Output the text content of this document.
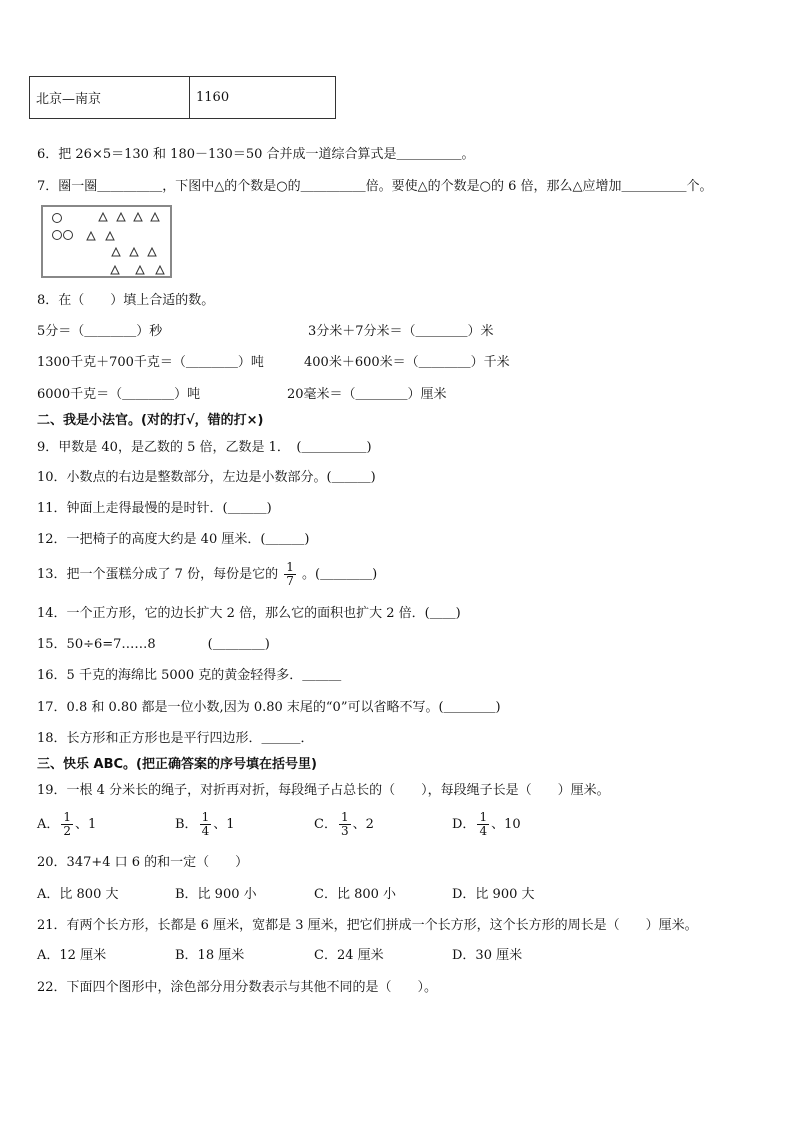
北京—南京	1160
6．把 26×5＝130 和 180－130＝50 合并成一道综合算式是＿＿＿＿＿。
7．圈一圈＿＿＿＿＿，下图中△的个数是○的＿＿＿＿＿倍。要使△的个数是○的 6 倍，那么△应增加＿＿＿＿＿个。
8．在（　　）填上合适的数。
5分＝（＿＿＿＿）秒	3分米＋7分米＝（＿＿＿＿）米
1300千克＋700千克＝（＿＿＿＿）吨	400米＋600米＝（＿＿＿＿）千米
6000千克＝（＿＿＿＿）吨	20毫米＝（＿＿＿＿）厘米
二、我是小法官。(对的打√，错的打×)
9．甲数是 40，是乙数的 5 倍，乙数是 1．　(＿＿＿＿＿)
10．小数点的右边是整数部分，左边是小数部分。(＿＿＿)
11．钟面上走得最慢的是时针．(＿＿＿)
12．一把椅子的高度大约是 40 厘米．(＿＿＿)
13．把一个蛋糕分成了 7 份，每份是它的 $\frac{1}{7}$ 。(＿＿＿＿)
14．一个正方形，它的边长扩大 2 倍，那么它的面积也扩大 2 倍．(＿＿)
15．50÷6=7……8　　　　(＿＿＿＿)
16．5 千克的海绵比 5000 克的黄金轻得多．＿＿＿
17．0.8 和 0.80 都是一位小数,因为 0.80 末尾的“0”可以省略不写。(＿＿＿＿)
18．长方形和正方形也是平行四边形．＿＿＿．
三、快乐 ABC。(把正确答案的序号填在括号里)
19．一根 4 分米长的绳子，对折再对折，每段绳子占总长的（　　），每段绳子长是（　　）厘米。
A． $\frac{1}{2}$ 、1	B． $\frac{1}{4}$ 、1	C． $\frac{1}{3}$ 、2	D． $\frac{1}{4}$ 、10
20．347+4 口 6 的和一定（　　）
A．比 800 大	B．比 900 小	C．比 800 小	D．比 900 大
21．有两个长方形，长都是 6 厘米，宽都是 3 厘米，把它们拼成一个长方形，这个长方形的周长是（　　）厘米。
A．12 厘米	B．18 厘米	C．24 厘米	D．30 厘米
22．下面四个图形中，涂色部分用分数表示与其他不同的是（　　）。
